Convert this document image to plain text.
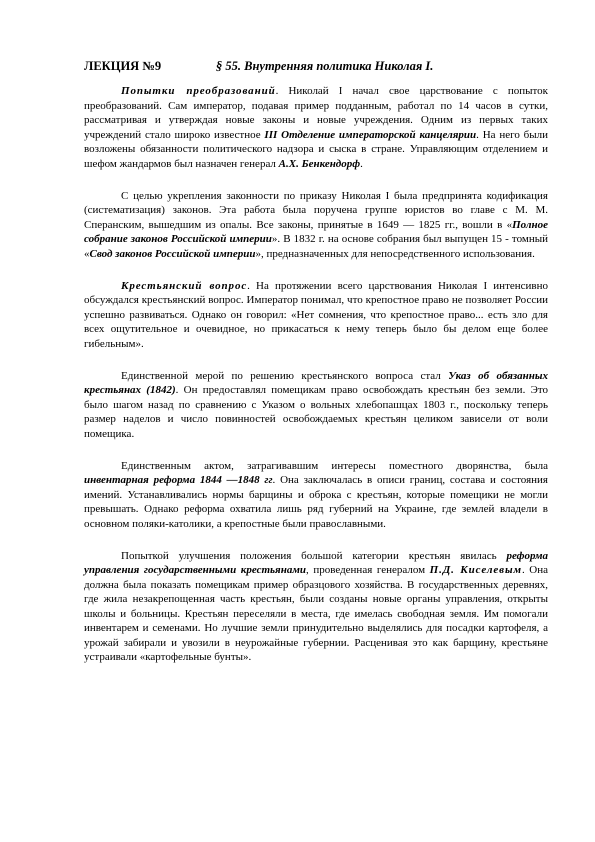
ЛЕКЦИЯ №9	§ 55. Внутренняя политика Николая I.

Попытки преобразований. Николай I начал свое царствование с попыток преобразований. Сам император, подавая пример подданным, работал по 14 часов в сутки, рассматривая и утверждая новые законы и новые учреждения. Одним из первых таких учреждений стало широко известное III Отделение императорской канцелярии. На него были возложены обязанности политического надзора и сыска в стране. Управляющим отделением и шефом жандармов был назначен генерал А.Х. Бенкендорф.

С целью укрепления законности по приказу Николая I была предпринята кодификация (систематизация) законов. Эта работа была поручена группе юристов во главе с М. М. Сперанским, вышедшим из опалы. Все законы, принятые в 1649 — 1825 гг., вошли в «Полное собрание законов Российской империи». В 1832 г. на основе собрания был выпущен 15 - томный «Свод законов Российской империи», предназначенных для непосредственного использования.

Крестьянский вопрос. На протяжении всего царствования Николая I интенсивно обсуждался крестьянский вопрос. Император понимал, что крепостное право не позволяет России успешно развиваться. Однако он говорил: «Нет сомнения, что крепостное право... есть зло для всех ощутительное и очевидное, но прикасаться к нему теперь было бы делом еще более гибельным».

Единственной мерой по решению крестьянского вопроса стал Указ об обязанных крестьянах (1842). Он предоставлял помещикам право освобождать крестьян без земли. Это было шагом назад по сравнению с Указом о вольных хлебопашцах 1803 г., поскольку теперь размер наделов и число повинностей освобождаемых крестьян целиком зависели от воли помещика.

Единственным актом, затрагивавшим интересы поместного дворянства, была инвентарная реформа 1844 —1848 гг. Она заключалась в описи границ, состава и состояния имений. Устанавливались нормы барщины и оброка с крестьян, которые помещики не могли превышать. Однако реформа охватила лишь ряд губерний на Украине, где землей владели в основном поляки-католики, а крепостные были православными.

Попыткой улучшения положения большой категории крестьян явилась реформа управления государственными крестьянами, проведенная генералом П.Д. Киселевым. Она должна была показать помещикам пример образцового хозяйства. В государственных деревнях, где жила незакрепощенная часть крестьян, были созданы новые органы управления, открыты школы и больницы. Крестьян переселяли в места, где имелась свободная земля. Им помогали инвентарем и семенами. Но лучшие земли принудительно выделялись для посадки картофеля, а урожай забирали и увозили в неурожайные губернии. Расценивая это как барщину, крестьяне устраивали «картофельные бунты».
